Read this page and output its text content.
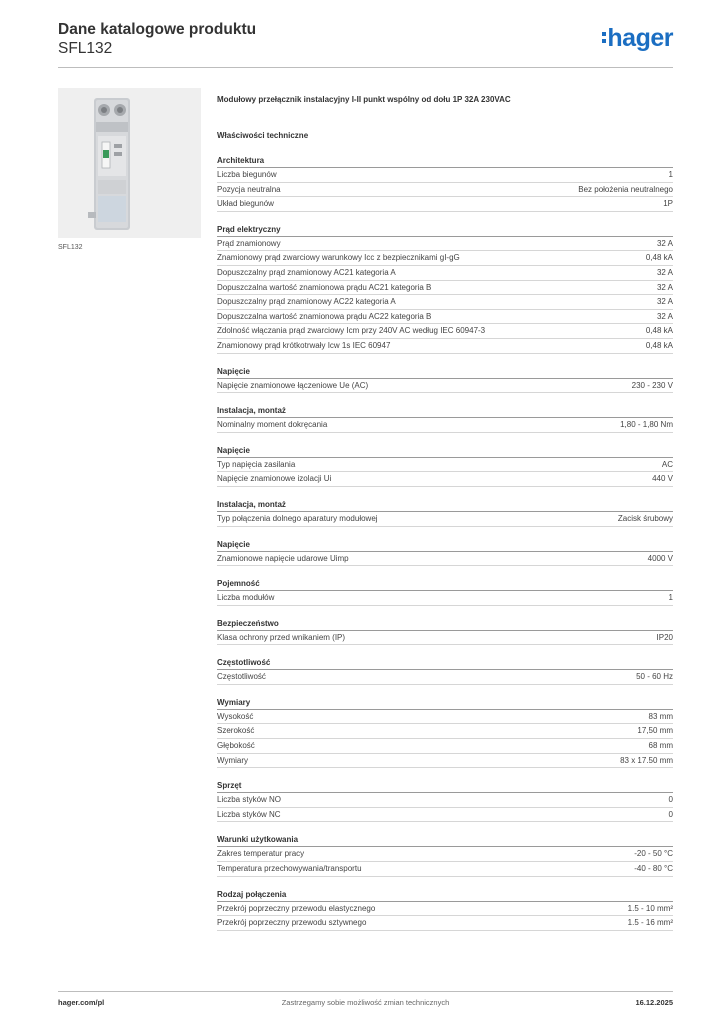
Dane katalogowe produktu
SFL132	hager
SFL132
Modułowy przełącznik instalacyjny I-II punkt wspólny od dołu 1P 32A 230VAC
Właściwości techniczne
Architektura
Liczba biegunów	1
Pozycja neutralna	Bez położenia neutralnego
Układ biegunów	1P
Prąd elektryczny
Prąd znamionowy	32 A
Znamionowy prąd zwarciowy warunkowy Icc z bezpiecznikami gI-gG	0,48 kA
Dopuszczalny prąd znamionowy AC21 kategoria A	32 A
Dopuszczalna wartość znamionowa prądu AC21 kategoria B	32 A
Dopuszczalny prąd znamionowy AC22 kategoria A	32 A
Dopuszczalna wartość znamionowa prądu AC22 kategoria B	32 A
Zdolność włączania prąd zwarciowy Icm przy 240V AC według IEC 60947-3	0,48 kA
Znamionowy prąd krótkotrwały Icw 1s IEC 60947	0,48 kA
Napięcie
Napięcie znamionowe łączeniowe Ue (AC)	230 - 230 V
Instalacja, montaż
Nominalny moment dokręcania	1,80 - 1,80 Nm
Napięcie
Typ napięcia zasilania	AC
Napięcie znamionowe izolacji Ui	440 V
Instalacja, montaż
Typ połączenia dolnego aparatury modułowej	Zacisk śrubowy
Napięcie
Znamionowe napięcie udarowe Uimp	4000 V
Pojemność
Liczba modułów	1
Bezpieczeństwo
Klasa ochrony przed wnikaniem (IP)	IP20
Częstotliwość
Częstotliwość	50 - 60 Hz
Wymiary
Wysokość	83 mm
Szerokość	17,50 mm
Głębokość	68 mm
Wymiary	83 x 17.50 mm
Sprzęt
Liczba styków NO	0
Liczba styków NC	0
Warunki użytkowania
Zakres temperatur pracy	-20 - 50 °C
Temperatura przechowywania/transportu	-40 - 80 °C
Rodzaj połączenia
Przekrój poprzeczny przewodu elastycznego	1.5 - 10 mm²
Przekrój poprzeczny przewodu sztywnego	1.5 - 16 mm²
hager.com/pl	Zastrzegamy sobie możliwość zmian technicznych	16.12.2025
